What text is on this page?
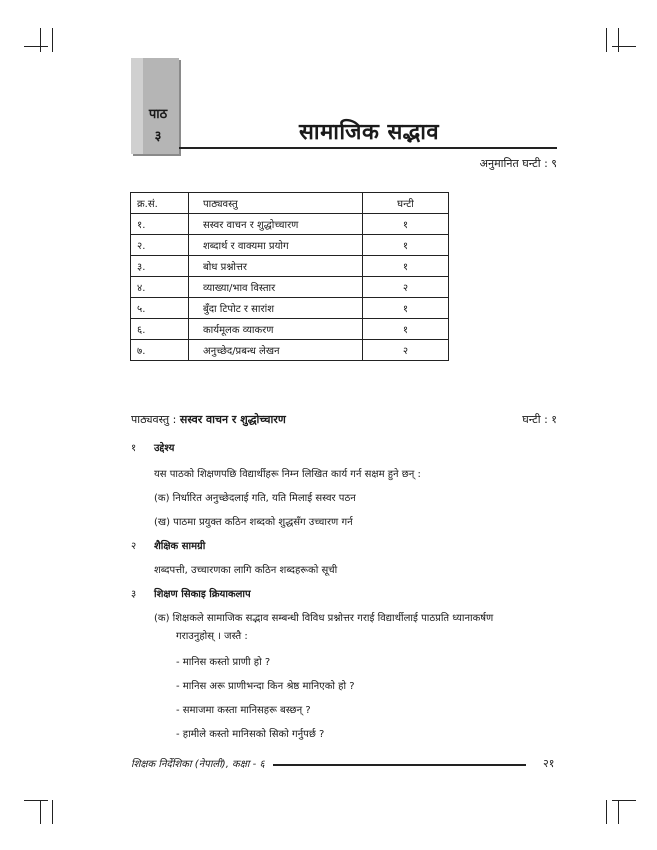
पाठ
३	सामाजिक सद्भाव
अनुमानित घन्टी : ९
क्र.सं.	पाठ्यवस्तु	घन्टी
१.	सस्वर वाचन र शुद्धोच्चारण	१
२.	शब्दार्थ र वाक्यमा प्रयोग	१
३.	बोध प्रश्नोत्तर	१
४.	व्याख्या/भाव विस्तार	२
५.	बुँदा टिपोट र सारांश	१
६.	कार्यमूलक व्याकरण	१
७.	अनुच्छेद/प्रबन्ध लेखन	२
पाठ्यवस्तु : सस्वर वाचन र शुद्धोच्चारण	घन्टी : १
१ उद्देश्य
यस पाठको शिक्षणपछि विद्यार्थीहरू निम्न लिखित कार्य गर्न सक्षम हुने छन् :
(क) निर्धारित अनुच्छेदलाई गति, यति मिलाई सस्वर पठन
(ख) पाठमा प्रयुक्त कठिन शब्दको शुद्धसँग उच्चारण गर्न
२ शैक्षिक सामग्री
शब्दपत्ती, उच्चारणका लागि कठिन शब्दहरूको सूची
३ शिक्षण सिकाइ क्रियाकलाप
(क) शिक्षकले सामाजिक सद्भाव सम्बन्धी विविध प्रश्नोत्तर गराई विद्यार्थीलाई पाठप्रति ध्यानाकर्षण
गराउनुहोस् । जस्तै :
- मानिस कस्तो प्राणी हो ?
- मानिस अरू प्राणीभन्दा किन श्रेष्ठ मानिएको हो ?
- समाजमा कस्ता मानिसहरू बस्छन् ?
- हामीले कस्तो मानिसको सिको गर्नुपर्छ ?
शिक्षक निर्देशिका (नेपाली), कक्षा - ६	२१
